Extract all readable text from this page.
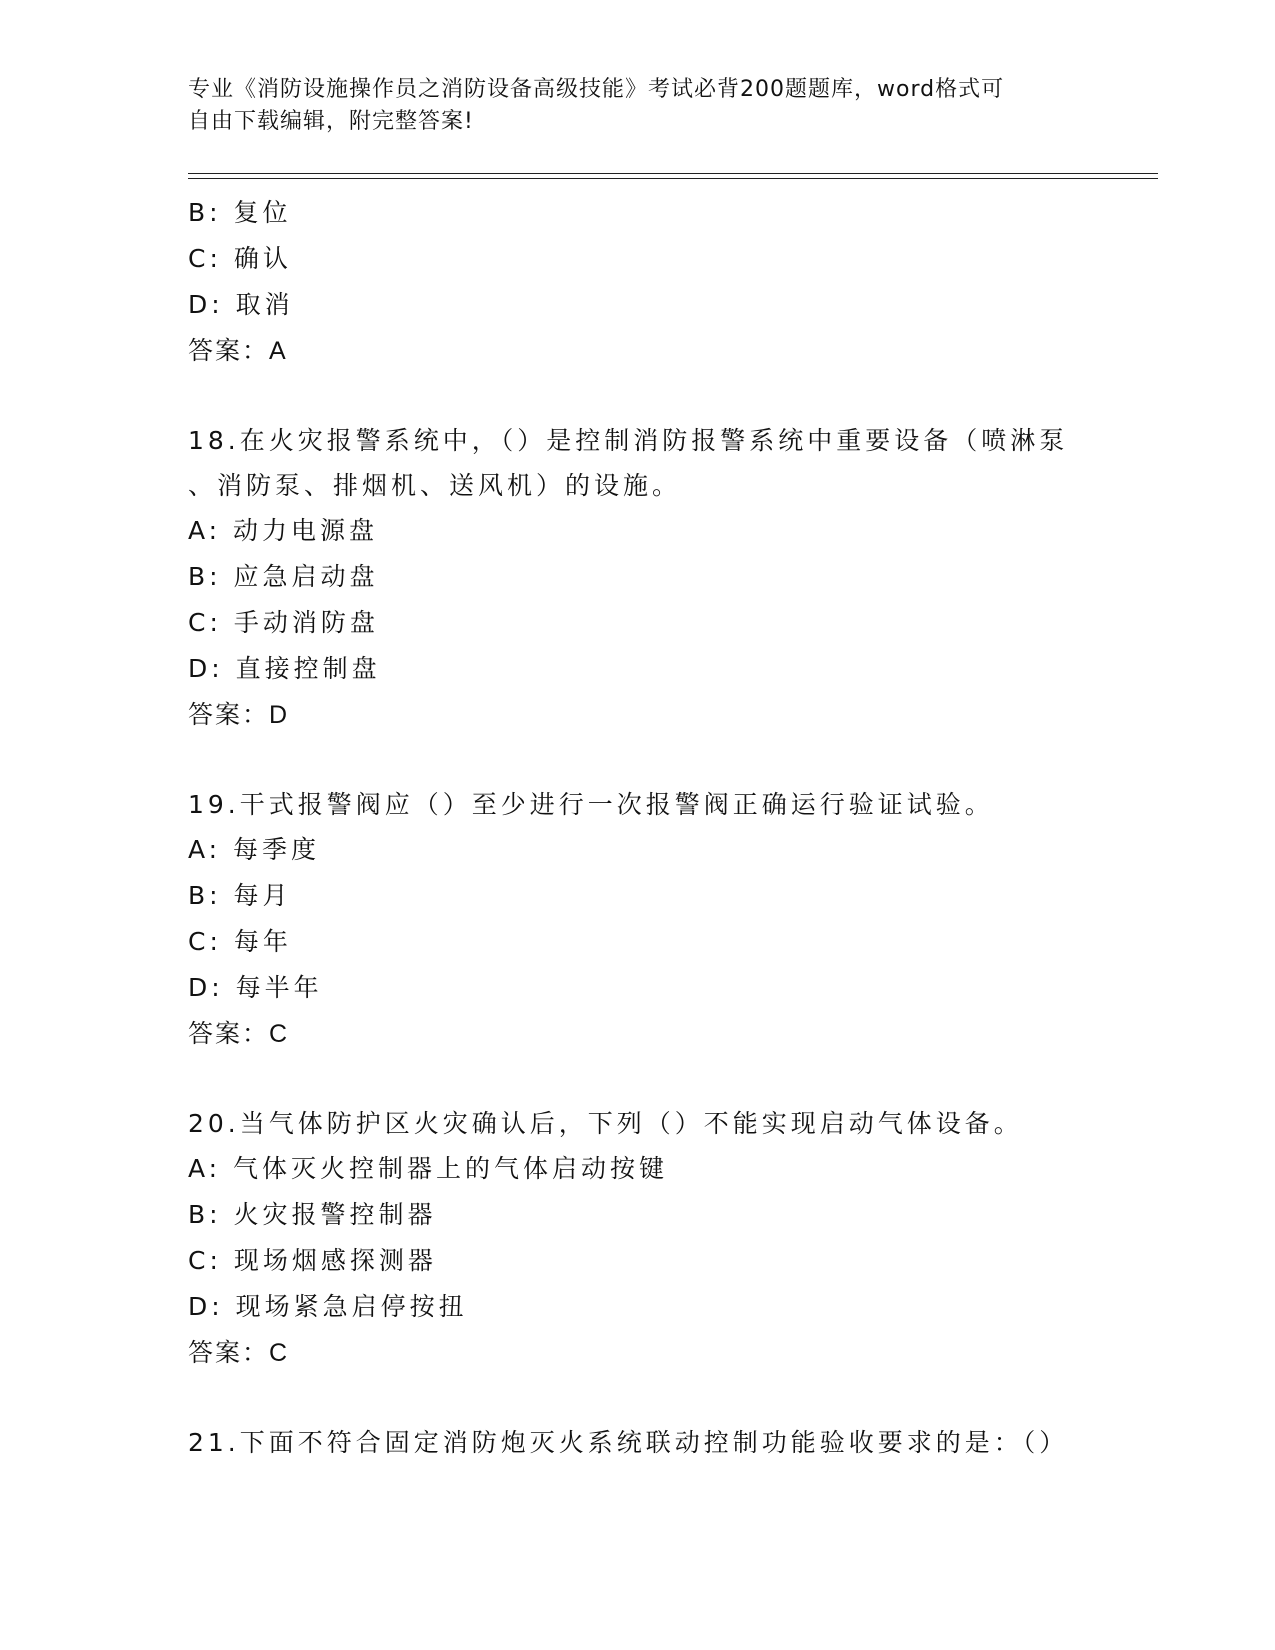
专业《消防设施操作员之消防设备高级技能》考试必背200题题库，word格式可
自由下载编辑，附完整答案!
B: 复位
C: 确认
D: 取消
答案：A
18.在火灾报警系统中，（）是控制消防报警系统中重要设备（喷淋泵
、消防泵、排烟机、送风机）的设施。
A: 动力电源盘
B: 应急启动盘
C: 手动消防盘
D: 直接控制盘
答案：D
19.干式报警阀应（）至少进行一次报警阀正确运行验证试验。
A: 每季度
B: 每月
C: 每年
D: 每半年
答案：C
20.当气体防护区火灾确认后，下列（）不能实现启动气体设备。
A: 气体灭火控制器上的气体启动按键
B: 火灾报警控制器
C: 现场烟感探测器
D: 现场紧急启停按扭
答案：C
21.下面不符合固定消防炮灭火系统联动控制功能验收要求的是：（）
